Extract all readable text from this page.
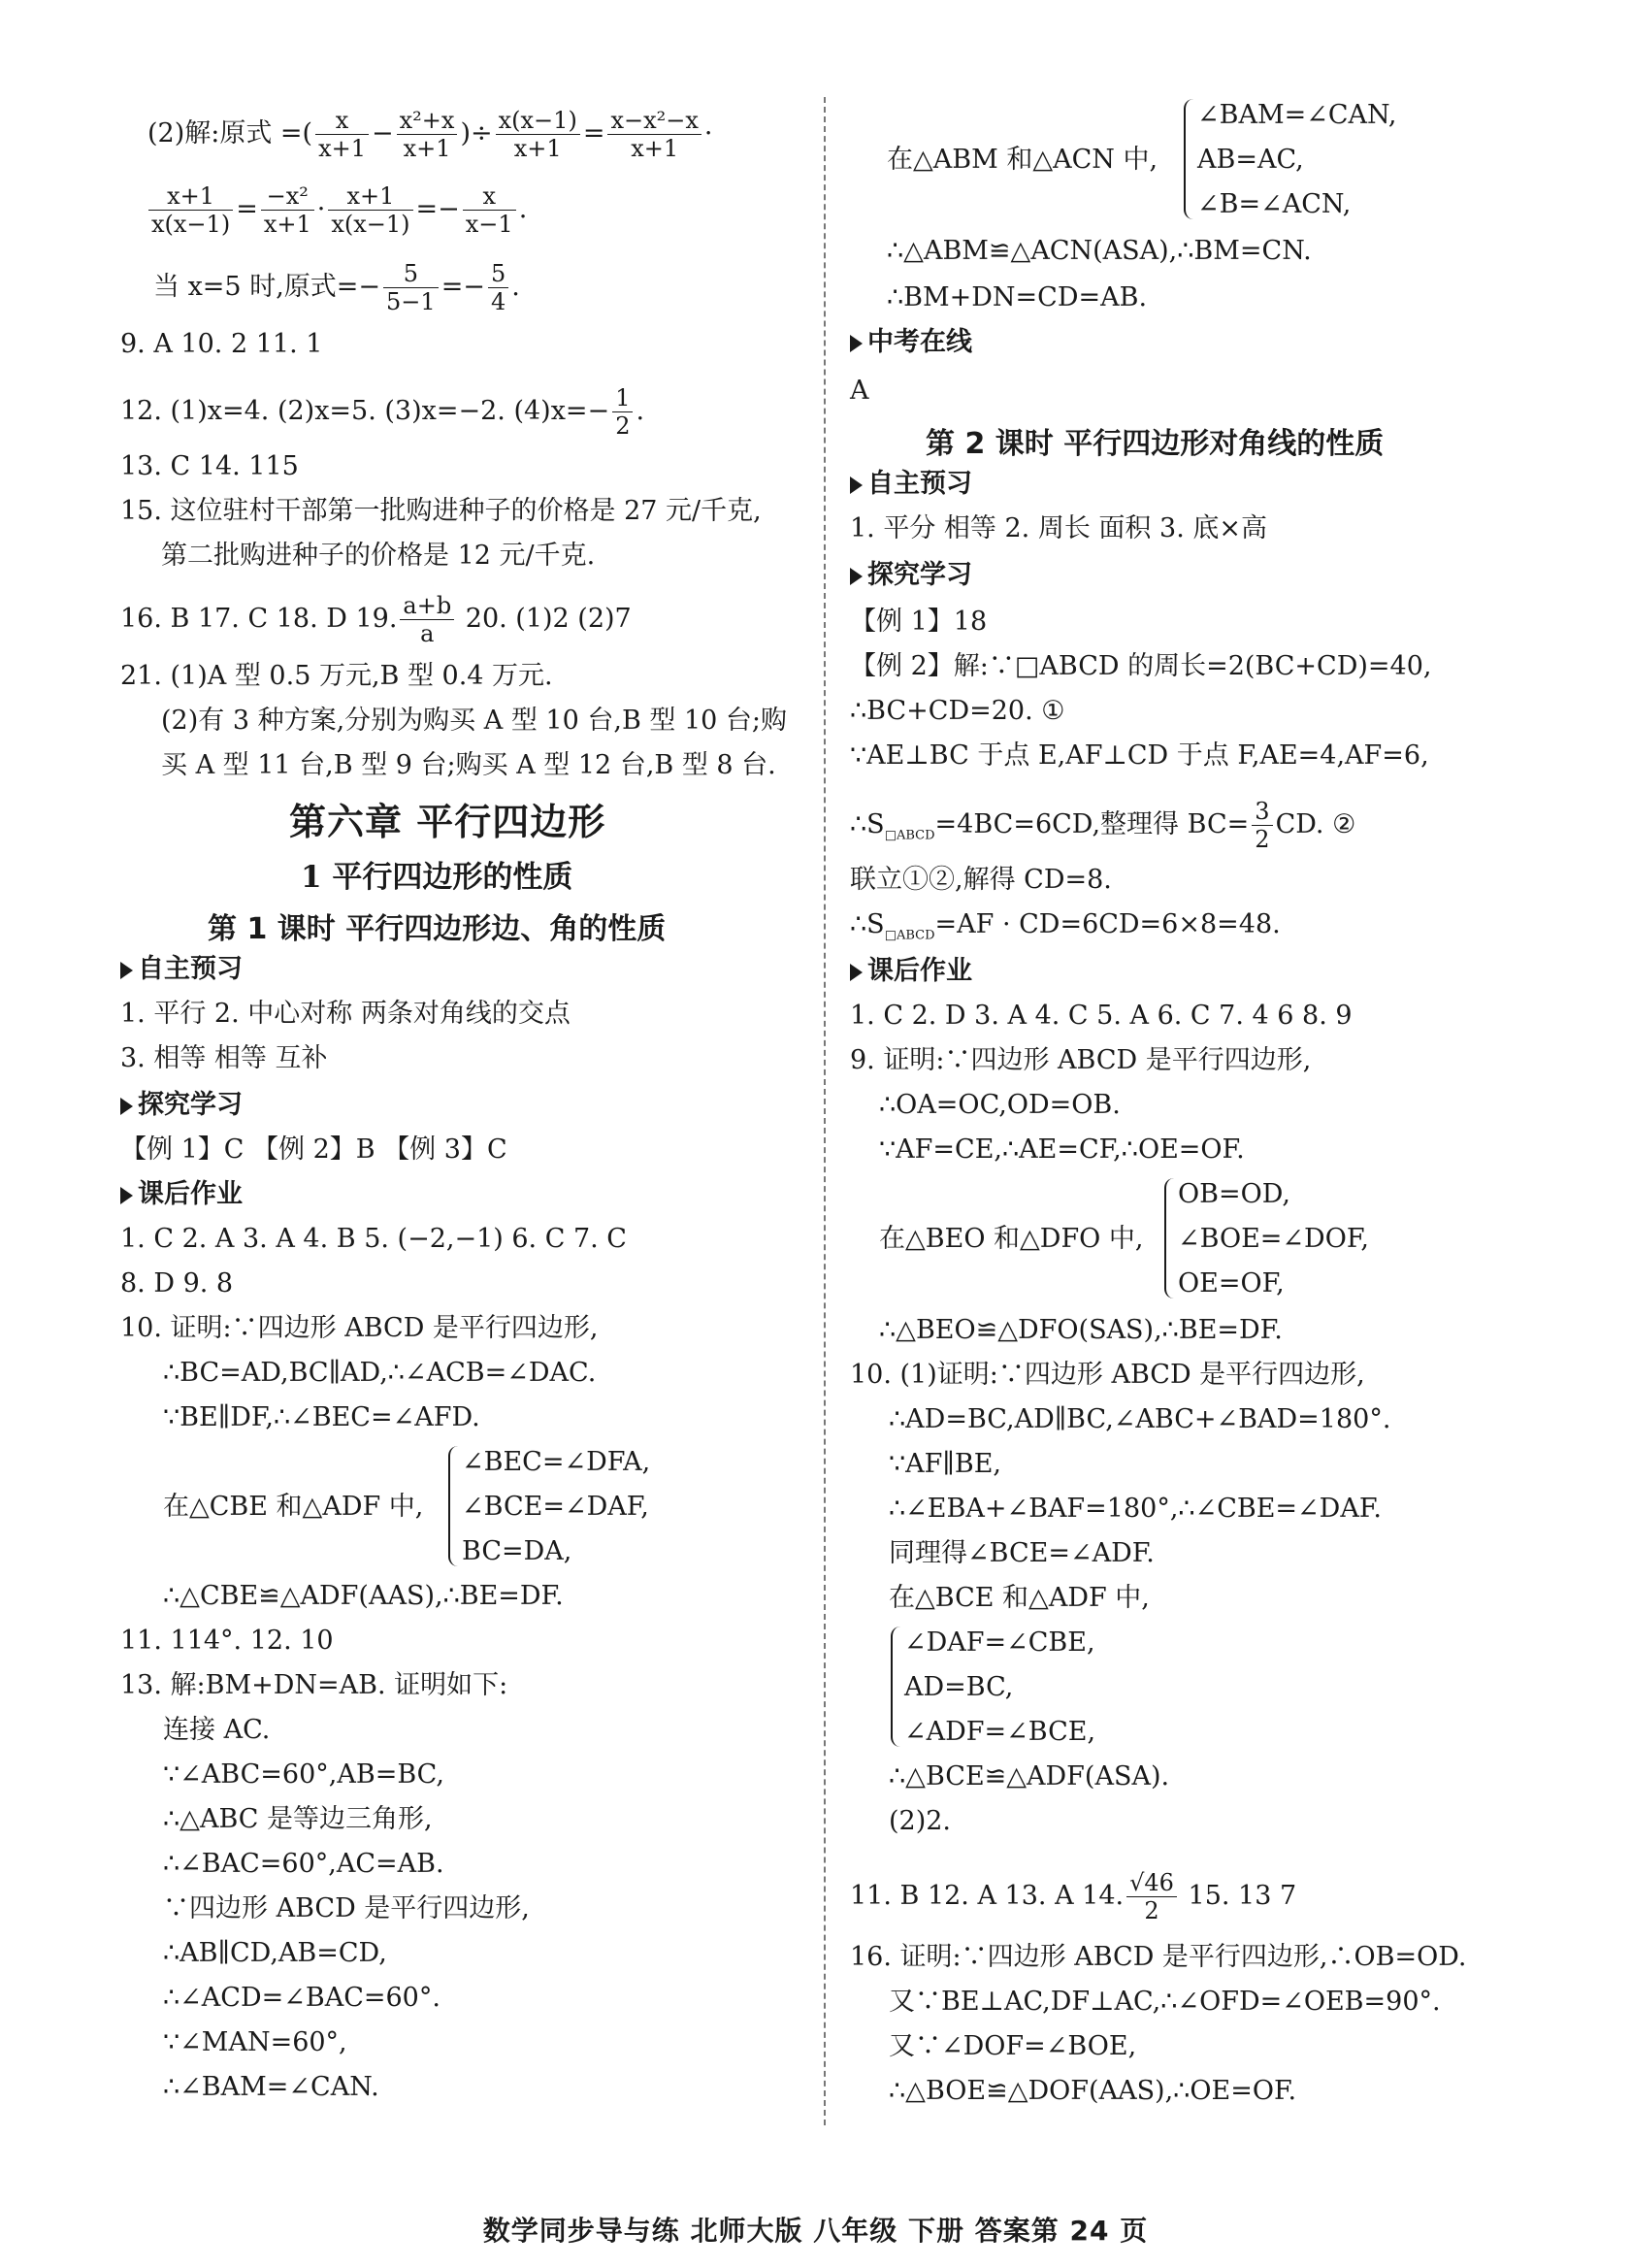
(2)解:原式 =( $\frac{x}{x+1} - \frac{\text{x²+x}}{x+1}$ )÷ $\frac{x(x-1)}{x+1} = \frac{\text{x−x²−x}}{x+1}$ ·
$\frac{x+1}{x(x-1)} = \frac{\text{−x²}}{x+1} \cdot \frac{x+1}{x(x-1)} =- \frac{x}{x-1}$ .
当 x=5 时,原式=− $\frac{5}{5-1} =- \frac{5}{4}$ .
9. A 10. 2 11. 1
12. (1)x=4. (2)x=5. (3)x=−2. $(4)x=- \frac{1}{2}$ .
13. C 14. 115
15. 这位驻村干部第一批购进种子的价格是 27 元/千克,
第二批购进种子的价格是 12 元/千克.
16. B 17. C 18. D 19. $\frac{a+b}{a} 20$. (1)2 (2)7
21. (1)A 型 0.5 万元,B 型 0.4 万元.
(2)有 3 种方案,分别为购买 A 型 10 台,B 型 10 台;购
买 A 型 11 台,B 型 9 台;购买 A 型 12 台,B 型 8 台.
第六章 平行四边形
1 平行四边形的性质
第 1 课时 平行四边形边、角的性质
自主预习
1. 平行 2. 中心对称 两条对角线的交点
3. 相等 相等 互补
探究学习
【例 1】C 【例 2】B 【例 3】C
课后作业
1. C 2. A 3. A 4. B 5. (−2,−1) 6. C 7. C
8. D 9. 8
10. 证明:∵四边形 ABCD 是平行四边形,
∴BC=AD,BC∥AD,∴∠ACB=∠DAC.
∵BE∥DF,∴∠BEC=∠AFD.
在△CBE 和△ADF 中,
∠BEC=∠DFA,
∠BCE=∠DAF,
BC=DA,
∴△CBE≌△ADF(AAS),∴BE=DF.
11. 114°. 12. 10
13. 解:BM+DN=AB. 证明如下:
连接 AC.
∵∠ABC=60°,AB=BC,
∴△ABC 是等边三角形,
∴∠BAC=60°,AC=AB.
∵四边形 ABCD 是平行四边形,
∴AB∥CD,AB=CD,
∴∠ACD=∠BAC=60°.
∵∠MAN=60°,
∴∠BAM=∠CAN.
在△ABM 和△ACN 中,
∠BAM=∠CAN,
AB=AC,
∠B=∠ACN,
∴△ABM≌△ACN(ASA),∴BM=CN.
∴BM+DN=CD=AB.
中考在线
A
第 2 课时 平行四边形对角线的性质
自主预习
1. 平分 相等 2. 周长 面积 3. 底×高
探究学习
【例 1】18
【例 2】解:∵□ABCD 的周长=2(BC+CD)=40,
∴BC+CD=20. ①
∵AE⊥BC 于点 E,AF⊥CD 于点 F,AE=4,AF=6,
$\therefore S_{□ABCD}=4BC=6CD$,整理得 $BC= \frac{3}{2}$ CD. ②
联立①②,解得 CD=8.
$\therefore S_{□ABCD}=AF \cdot CD=6CD=6\times 8=48$.
课后作业
1. C 2. D 3. A 4. C 5. A 6. C 7. 4 6 8. 9
9. 证明:∵四边形 ABCD 是平行四边形,
∴OA=OC,OD=OB.
∵AF=CE,∴AE=CF,∴OE=OF.
在△BEO 和△DFO 中,
OB=OD,
∠BOE=∠DOF,
OE=OF,
∴△BEO≌△DFO(SAS),∴BE=DF.
10. (1)证明:∵四边形 ABCD 是平行四边形,
∴AD=BC,AD∥BC,∠ABC+∠BAD=180°.
∵AF∥BE,
∴∠EBA+∠BAF=180°,∴∠CBE=∠DAF.
同理得∠BCE=∠ADF.
在△BCE 和△ADF 中,
∠DAF=∠CBE,
AD=BC,
∠ADF=∠BCE,
∴△BCE≌△ADF(ASA).
(2)2.
11. B 12. A 13. A 14. $\frac{√46}{2} 15$. 13 7
16. 证明:∵四边形 ABCD 是平行四边形,∴OB=OD.
又∵BE⊥AC,DF⊥AC,∴∠OFD=∠OEB=90°.
又∵∠DOF=∠BOE,
∴△BOE≌△DOF(AAS),∴OE=OF.
数学同步导与练 北师大版 八年级 下册 答案第 24 页
